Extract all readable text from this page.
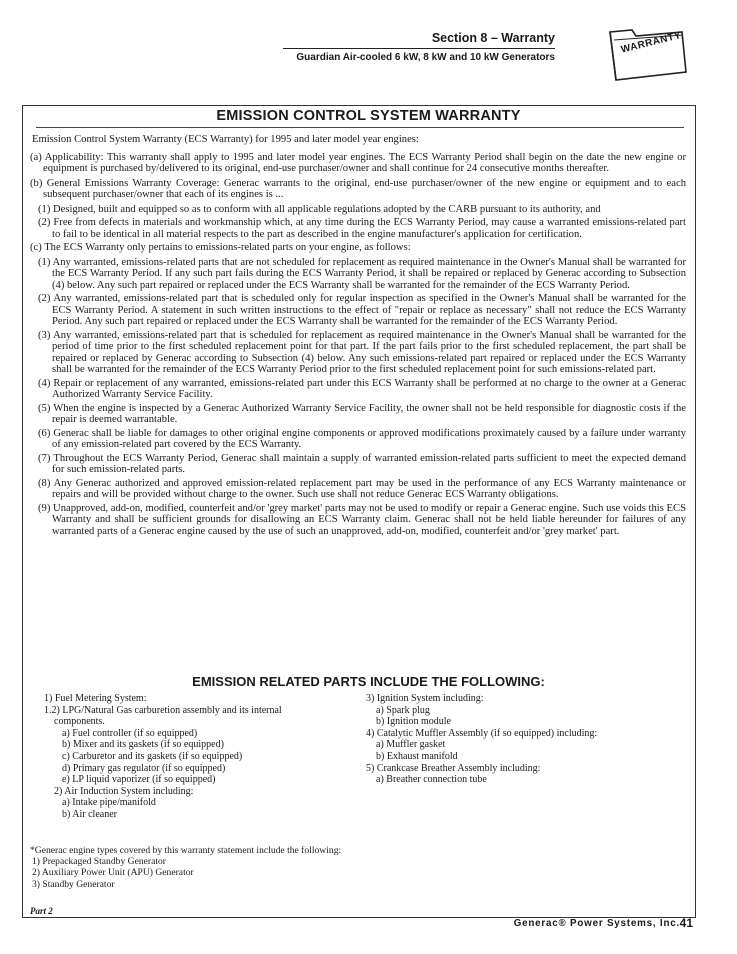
Section 8 – Warranty
Guardian Air-cooled 6 kW, 8 kW and 10 kW Generators
WARRANTY
EMISSION CONTROL SYSTEM WARRANTY

Emission Control System Warranty (ECS Warranty) for 1995 and later model year engines:

(a) Applicability: This warranty shall apply to 1995 and later model year engines. The ECS Warranty Period shall begin on the date the new engine or equipment is purchased by/delivered to its original, end-use purchaser/owner and shall continue for 24 consecutive months thereafter.

(b) General Emissions Warranty Coverage: Generac warrants to the original, end-use purchaser/owner of the new engine or equipment and to each subsequent purchaser/owner that each of its engines is ...

(1) Designed, built and equipped so as to conform with all applicable regulations adopted by the CARB pursuant to its authority, and

(2) Free from defects in materials and workmanship which, at any time during the ECS Warranty Period, may cause a warranted emissions-related part to fail to be identical in all material respects to the part as described in the engine manufacturer's application for certification.

(c) The ECS Warranty only pertains to emissions-related parts on your engine, as follows:

(1) Any warranted, emissions-related parts that are not scheduled for replacement as required maintenance in the Owner's Manual shall be warranted for the ECS Warranty Period. If any such part fails during the ECS Warranty Period, it shall be repaired or replaced by Generac according to Subsection (4) below. Any such part repaired or replaced under the ECS Warranty shall be warranted for the remainder of the ECS Warranty Period.

(2) Any warranted, emissions-related part that is scheduled only for regular inspection as specified in the Owner's Manual shall be warranted for the ECS Warranty Period. A statement in such written instructions to the effect of "repair or replace as necessary" shall not reduce the ECS Warranty Period. Any such part repaired or replaced under the ECS Warranty shall be warranted for the remainder of the ECS Warranty Period.

(3) Any warranted, emissions-related part that is scheduled for replacement as required maintenance in the Owner's Manual shall be warranted for the period of time prior to the first scheduled replacement point for that part. If the part fails prior to the first scheduled replacement, the part shall be repaired or replaced by Generac according to Subsection (4) below. Any such emissions-related part repaired or replaced under the ECS Warranty shall be warranted for the remainder of the ECS Warranty Period prior to the first scheduled replacement point for such emissions-related part.

(4) Repair or replacement of any warranted, emissions-related part under this ECS Warranty shall be performed at no charge to the owner at a Generac Authorized Warranty Service Facility.

(5) When the engine is inspected by a Generac Authorized Warranty Service Facility, the owner shall not be held responsible for diagnostic costs if the repair is deemed warrantable.

(6) Generac shall be liable for damages to other original engine components or approved modifications proximately caused by a failure under warranty of any emission-related part covered by the ECS Warranty.

(7) Throughout the ECS Warranty Period, Generac shall maintain a supply of warranted emission-related parts sufficient to meet the expected demand for such emission-related parts.

(8) Any Generac authorized and approved emission-related replacement part may be used in the performance of any ECS Warranty maintenance or repairs and will be provided without charge to the owner. Such use shall not reduce Generac ECS Warranty obligations.

(9) Unapproved, add-on, modified, counterfeit and/or 'grey market' parts may not be used to modify or repair a Generac engine. Such use voids this ECS Warranty and shall be sufficient grounds for disallowing an ECS Warranty claim. Generac shall not be held liable hereunder for failures of any warranted parts of a Generac engine caused by the use of such an unapproved, add-on, modified, counterfeit and/or 'grey market' part.

EMISSION RELATED PARTS INCLUDE THE FOLLOWING:

1) Fuel Metering System:

1.2) LPG/Natural Gas carburetion assembly and its internal

components.

a) Fuel controller (if so equipped)

b) Mixer and its gaskets (if so equipped)

c) Carburetor and its gaskets (if so equipped)

d) Primary gas regulator (if so equipped)

e) LP liquid vaporizer (if so equipped)

2) Air Induction System including:

a) Intake pipe/manifold

b) Air cleaner

3) Ignition System including:

a) Spark plug

b) Ignition module

4) Catalytic Muffler Assembly (if so equipped) including:

a) Muffler gasket

b) Exhaust manifold

5) Crankcase Breather Assembly including:

a) Breather connection tube

*Generac engine types covered by this warranty statement include the following:

1) Prepackaged Standby Generator

2) Auxiliary Power Unit (APU) Generator

3) Standby Generator

Part 2
Generac® Power Systems, Inc. 41
